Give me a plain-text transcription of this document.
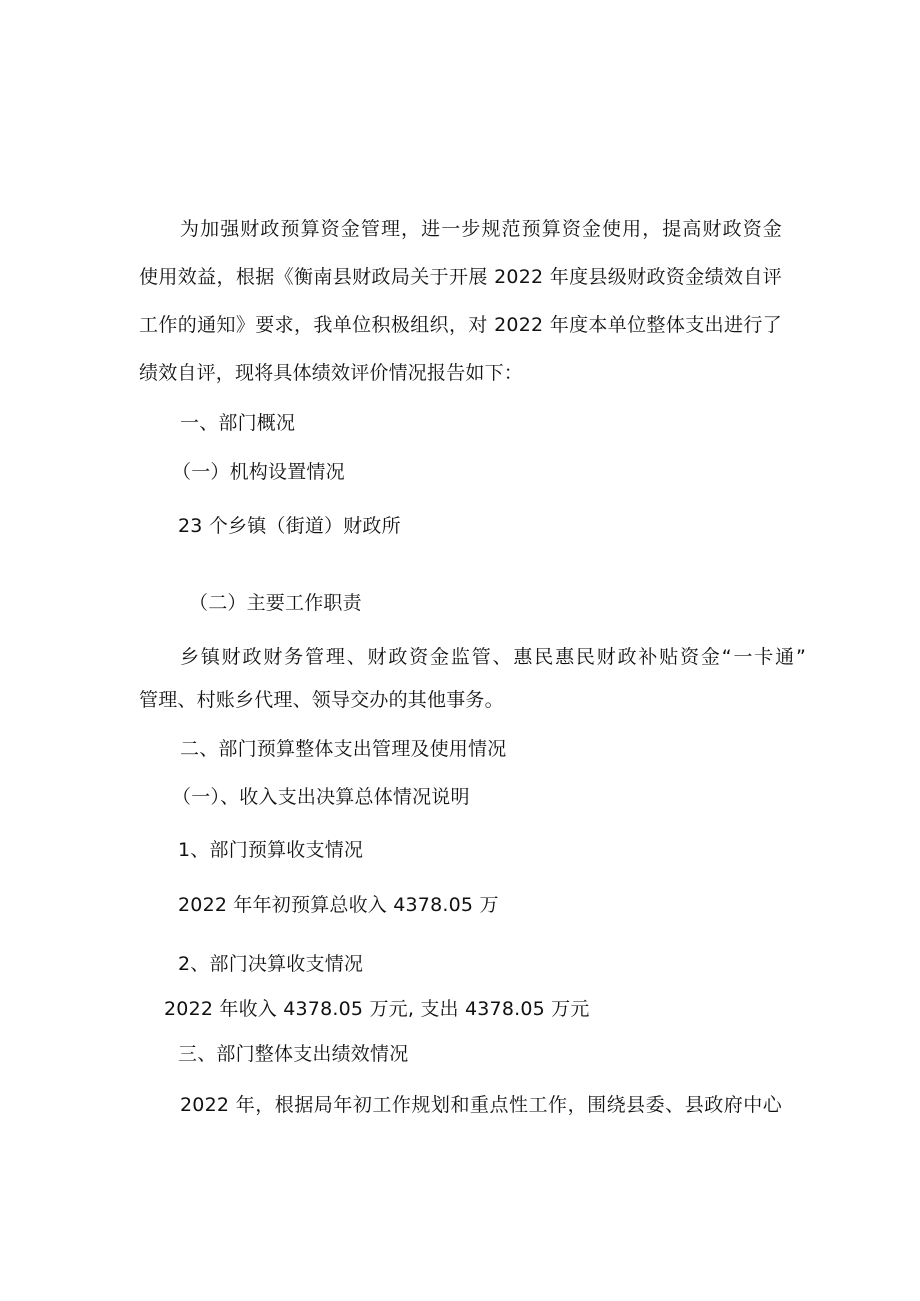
为加强财政预算资金管理，进一步规范预算资金使用，提高财政资金

使用效益，根据《衡南县财政局关于开展 2022 年度县级财政资金绩效自评

工作的通知》要求，我单位积极组织，对 2022 年度本单位整体支出进行了

绩效自评，现将具体绩效评价情况报告如下：

一、部门概况

（一）机构设置情况

23 个乡镇（街道）财政所

（二）主要工作职责

乡镇财政财务管理、财政资金监管、惠民惠民财政补贴资金“一卡通”

管理、村账乡代理、领导交办的其他事务。

二、部门预算整体支出管理及使用情况

（一）、收入支出决算总体情况说明

1、部门预算收支情况

2022 年年初预算总收入 4378.05 万

2、部门决算收支情况

2022 年收入 4378.05 万元, 支出 4378.05 万元

三、部门整体支出绩效情况

2022 年，根据局年初工作规划和重点性工作，围绕县委、县政府中心
